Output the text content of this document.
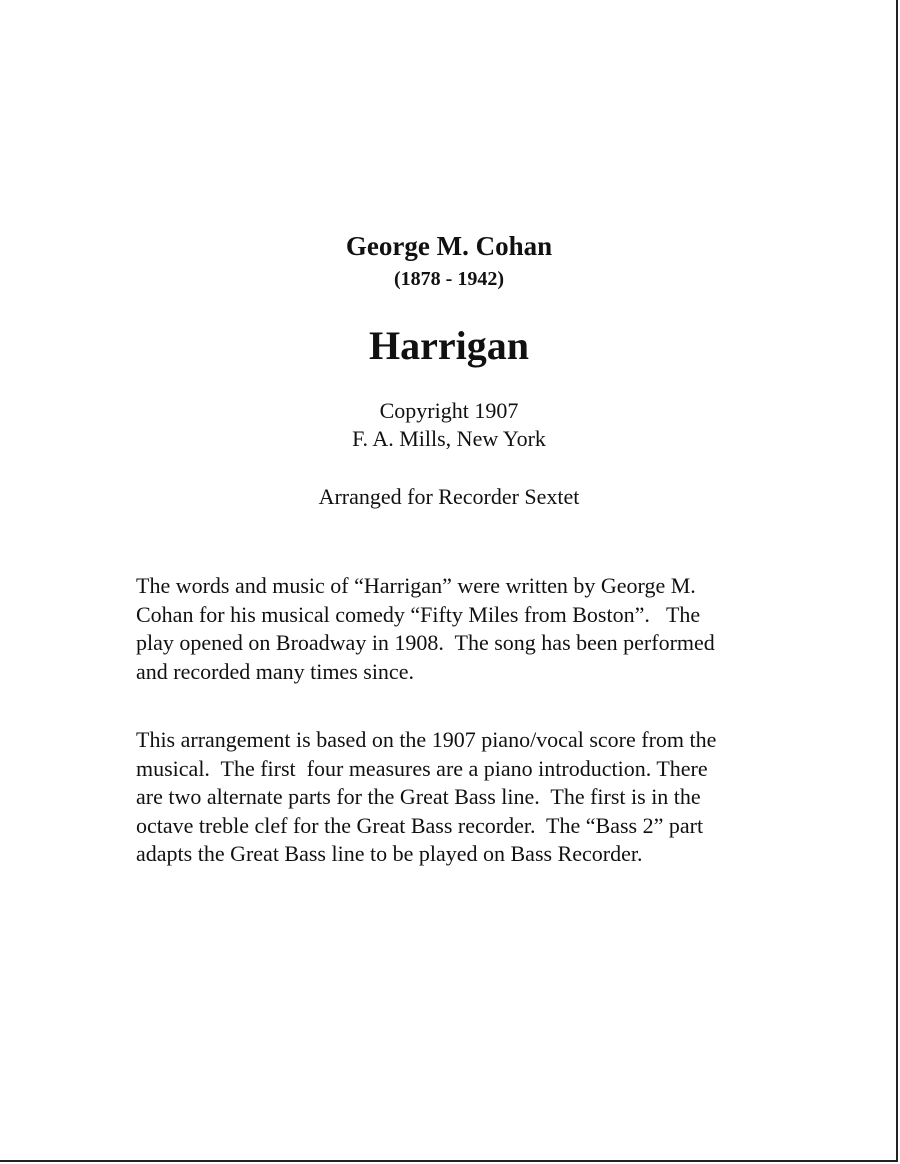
George M. Cohan
(1878 - 1942)
Harrigan
Copyright 1907
F. A. Mills, New York
Arranged for Recorder Sextet
The words and music of “Harrigan” were written by George M.
Cohan for his musical comedy “Fifty Miles from Boston”.   The
play opened on Broadway in 1908.  The song has been performed
and recorded many times since.
This arrangement is based on the 1907 piano/vocal score from the
musical.  The first  four measures are a piano introduction. There
are two alternate parts for the Great Bass line.  The first is in the
octave treble clef for the Great Bass recorder.  The “Bass 2” part
adapts the Great Bass line to be played on Bass Recorder.
